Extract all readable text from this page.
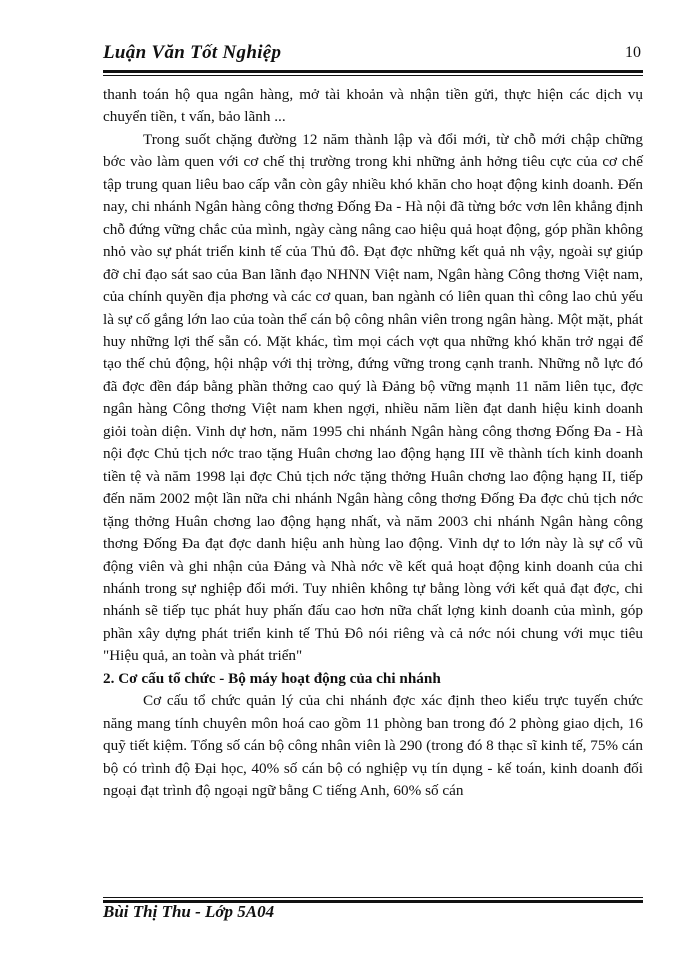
Luận Văn Tốt Nghiệp	10

thanh toán hộ qua ngân hàng, mở tài khoản và nhận tiền gửi, thực hiện các dịch vụ chuyển tiền, t vấn, bảo lãnh ...

Trong suốt chặng đường 12 năm thành lập và đổi mới, từ chỗ mới chập chững bớc vào làm quen với cơ chế thị trường trong khi những ảnh hởng tiêu cực của cơ chế tập trung quan liêu bao cấp vẫn còn gây nhiều khó khăn cho hoạt động kinh doanh. Đến nay, chi nhánh Ngân hàng công thơng Đống Đa - Hà nội đã từng bớc vơn lên khẳng định chỗ đứng vững chắc của mình, ngày càng nâng cao hiệu quả hoạt động, góp phần không nhỏ vào sự phát triển kinh tế của Thủ đô. Đạt đợc những kết quả nh vậy, ngoài sự giúp đỡ chỉ đạo sát sao của Ban lãnh đạo NHNN Việt nam, Ngân hàng Công thơng Việt nam, của chính quyền địa phơng và các cơ quan, ban ngành có liên quan thì công lao chủ yếu là sự cố gắng lớn lao của toàn thể cán bộ công nhân viên trong ngân hàng. Một mặt, phát huy những lợi thế sẵn có. Mặt khác, tìm mọi cách vợt qua những khó khăn trở ngại để tạo thế chủ động, hội nhập với thị trờng, đứng vững trong cạnh tranh. Những nỗ lực đó đã đợc đền đáp bằng phần thởng cao quý là Đảng bộ vững mạnh 11 năm liên tục, đợc ngân hàng Công thơng Việt nam khen ngợi, nhiều năm liền đạt danh hiệu kinh doanh giỏi toàn diện. Vinh dự hơn, năm 1995 chi nhánh Ngân hàng công thơng Đống Đa - Hà nội đợc Chủ tịch nớc trao tặng Huân chơng lao động hạng III về thành tích kinh doanh tiền tệ và năm 1998 lại đợc Chủ tịch nớc tặng thởng Huân chơng lao động hạng II, tiếp đến năm 2002 một lần nữa chi nhánh Ngân hàng công thơng Đống Đa đợc chủ tịch nớc tặng thởng Huân chơng lao động hạng nhất, và năm 2003 chi nhánh Ngân hàng công thơng Đống Đa đạt đợc danh hiệu anh hùng lao động. Vinh dự to lớn này là sự cổ vũ động viên và ghi nhận của Đảng và Nhà nớc về kết quả hoạt động kinh doanh của chi nhánh trong sự nghiệp đổi mới. Tuy nhiên không tự bằng lòng với kết quả đạt đợc, chi nhánh sẽ tiếp tục phát huy phấn đấu cao hơn nữa chất lợng kinh doanh của mình, góp phần xây dựng phát triển kinh tế Thủ Đô nói riêng và cả nớc nói chung với mục tiêu "Hiệu quả, an toàn và phát triển"

2. Cơ cấu tổ chức - Bộ máy hoạt động của chi nhánh

Cơ cấu tổ chức quản lý của chi nhánh đợc xác định theo kiểu trực tuyến chức năng mang tính chuyên môn hoá cao gồm 11 phòng ban trong đó 2 phòng giao dịch, 16 quỹ tiết kiệm. Tổng số cán bộ công nhân viên là 290 (trong đó 8 thạc sĩ kinh tế, 75% cán bộ có trình độ Đại học, 40% số cán bộ có nghiệp vụ tín dụng - kế toán, kinh doanh đối ngoại đạt trình độ ngoại ngữ bằng C tiếng Anh, 60% số cán

Bùi Thị Thu - Lớp 5A04
